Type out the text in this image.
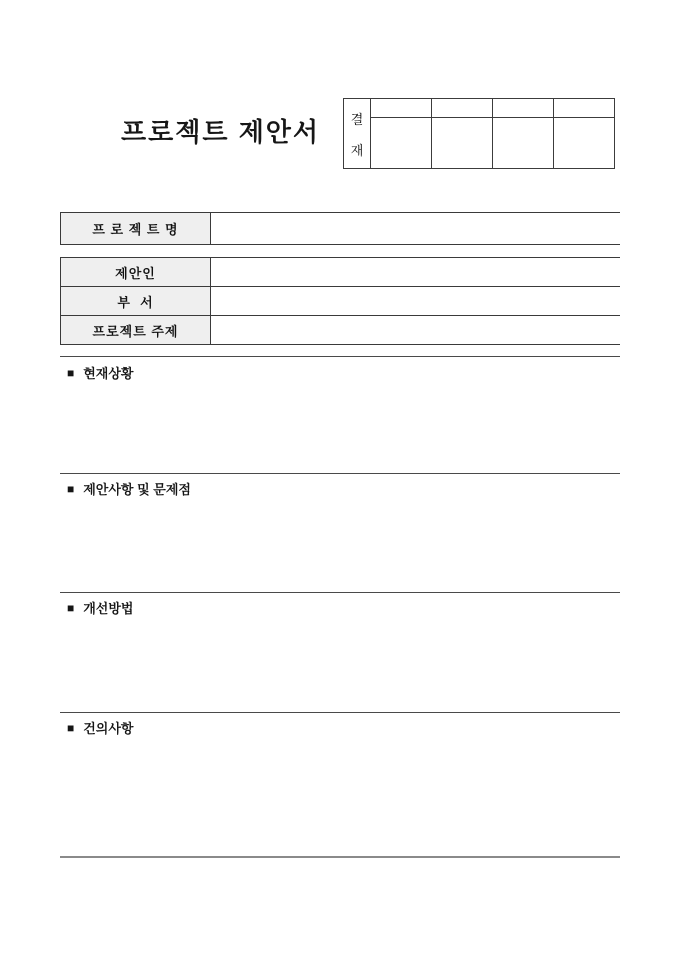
프로젝트 제안서 결
재				

프 로 젝 트 명
제안인
부  서
프로젝트 주제
■ 현재상황
■ 제안사항 및 문제점
■ 개선방법
■ 건의사항
